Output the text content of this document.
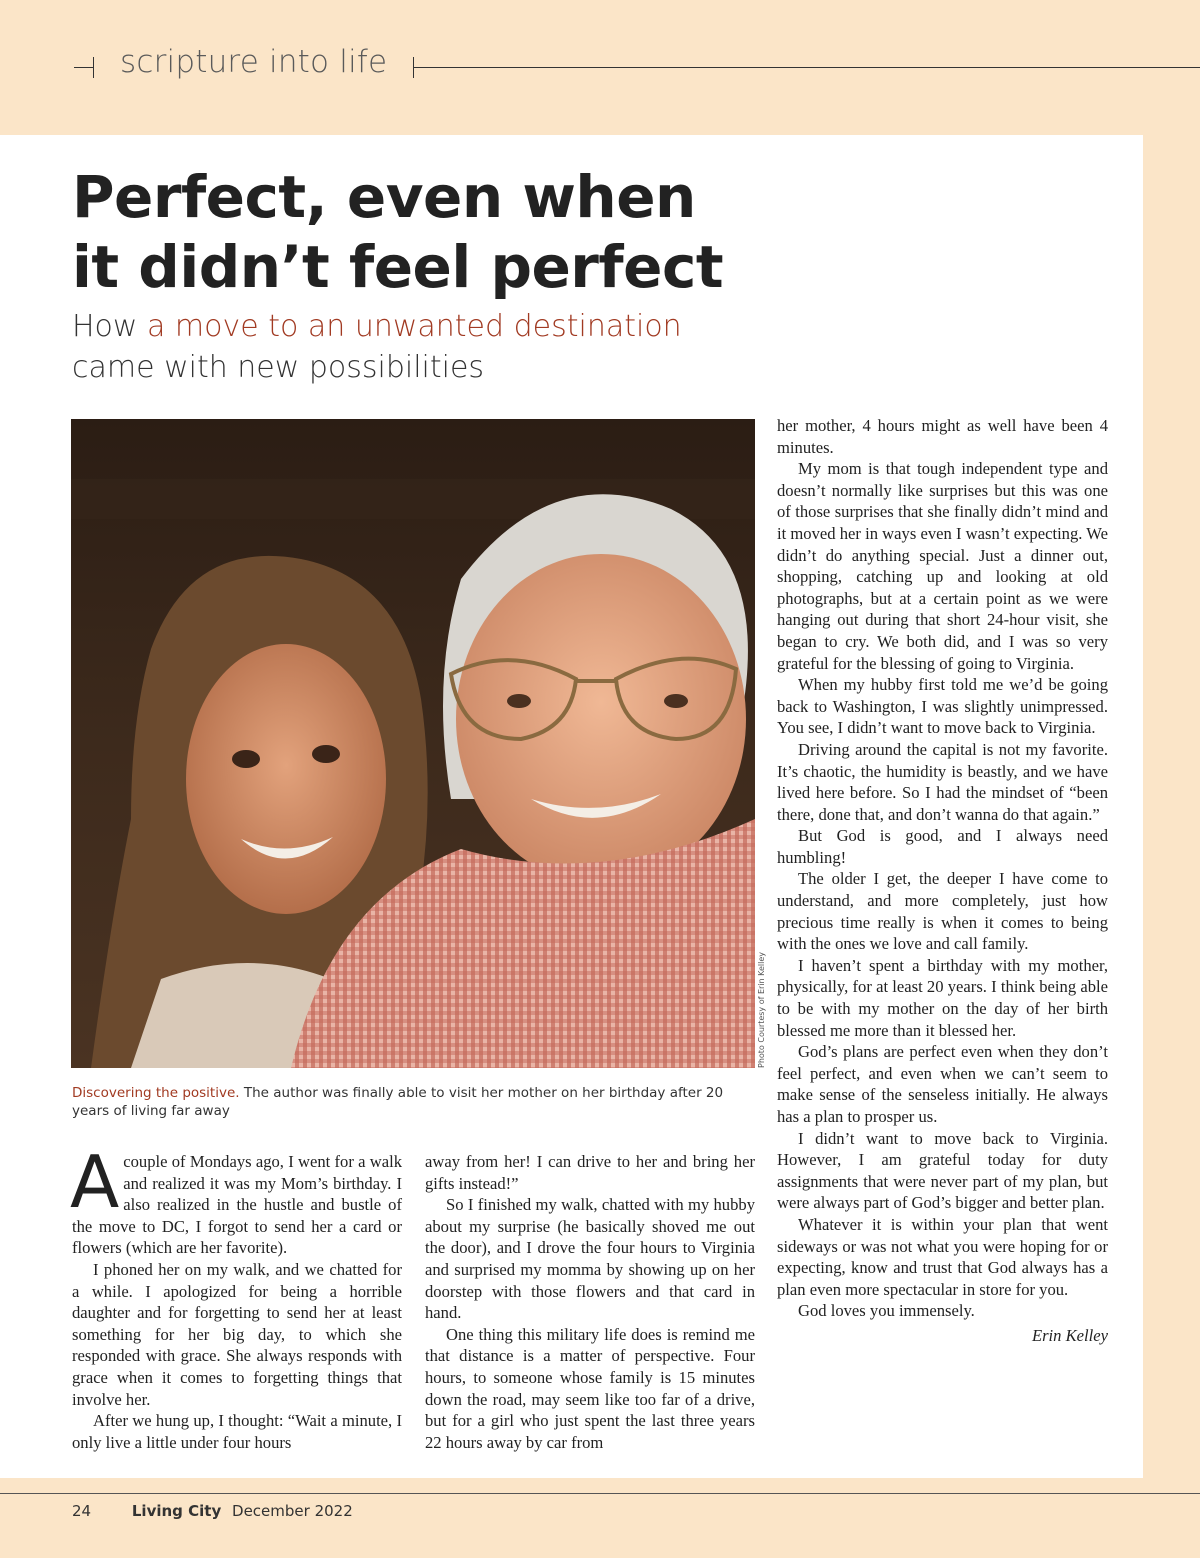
scripture into life
Perfect, even when
it didn’t feel perfect
How a move to an unwanted destination
came with new possibilities
Photo Courtesy of Erin Kelley
Discovering the positive. The author was finally able to visit her mother on her birthday after 20 years of living far away

Acouple of Mondays ago, I went for a walk and realized it was my Mom’s birthday. I also realized in the hustle and bustle of the move to DC, I forgot to send her a card or flowers (which are her favorite).

I phoned her on my walk, and we chatted for a while. I apologized for being a horrible daughter and for forgetting to send her at least something for her big day, to which she responded with grace. She always responds with grace when it comes to forgetting things that involve her.

After we hung up, I thought: “Wait a minute, I only live a little under four hours

away from her! I can drive to her and bring her gifts instead!”

So I finished my walk, chatted with my hubby about my surprise (he basically shoved me out the door), and I drove the four hours to Virginia and surprised my momma by showing up on her doorstep with those flowers and that card in hand.

One thing this military life does is remind me that distance is a matter of perspective. Four hours, to someone whose family is 15 minutes down the road, may seem like too far of a drive, but for a girl who just spent the last three years 22 hours away by car from

her mother, 4 hours might as well have been 4 minutes.

My mom is that tough independent type and doesn’t normally like surprises but this was one of those surprises that she finally didn’t mind and it moved her in ways even I wasn’t expecting. We didn’t do anything special. Just a dinner out, shopping, catching up and looking at old photographs, but at a certain point as we were hanging out during that short 24-hour visit, she began to cry. We both did, and I was so very grateful for the blessing of going to Virginia.

When my hubby first told me we’d be going back to Washington, I was slightly unimpressed. You see, I didn’t want to move back to Virginia.

Driving around the capital is not my favorite. It’s chaotic, the humidity is beastly, and we have lived here before. So I had the mindset of “been there, done that, and don’t wanna do that again.”

But God is good, and I always need humbling!

The older I get, the deeper I have come to understand, and more completely, just how precious time really is when it comes to being with the ones we love and call family.

I haven’t spent a birthday with my mother, physically, for at least 20 years. I think being able to be with my mother on the day of her birth blessed me more than it blessed her.

God’s plans are perfect even when they don’t feel perfect, and even when we can’t seem to make sense of the senseless initially. He always has a plan to prosper us.

I didn’t want to move back to Virginia. However, I am grateful today for duty assignments that were never part of my plan, but were always part of God’s bigger and better plan.

Whatever it is within your plan that went sideways or was not what you were hoping for or expecting, know and trust that God always has a plan even more spectacular in store for you.

God loves you immensely.

Erin Kelley

24	Living City December 2022
